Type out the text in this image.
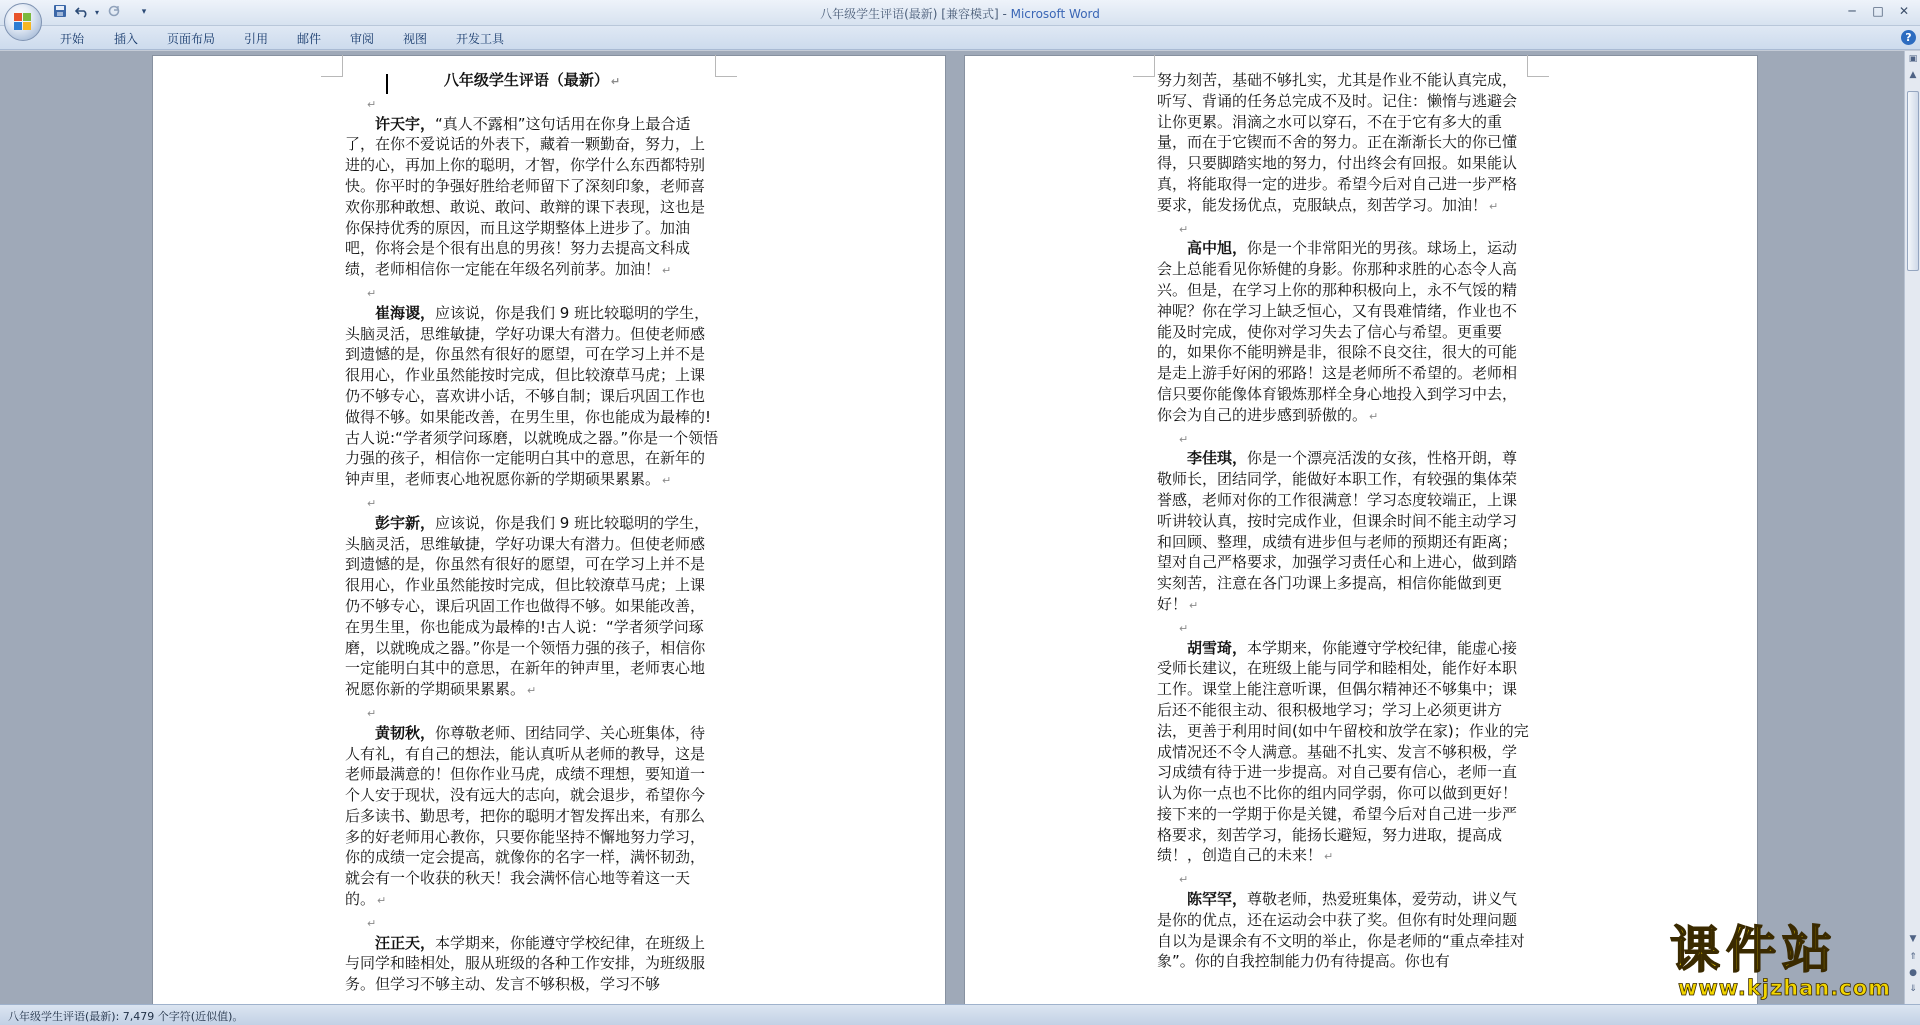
▾	▾	八年级学生评语(最新) [兼容模式] - Microsoft Word	─	□	✕
开始 插入 页面布局 引用 邮件 审阅 视图 开发工具	?

八年级学生评语（最新） ↵

↵

许天宇，“真人不露相”这句话用在你身上最合适了，在你不爱说话的外表下，藏着一颗勤奋，努力，上进的心，再加上你的聪明，才智，你学什么东西都特别快。你平时的争强好胜给老师留下了深刻印象，老师喜欢你那种敢想、敢说、敢问、敢辩的课下表现，这也是你保持优秀的原因，而且这学期整体上进步了。加油吧，你将会是个很有出息的男孩！努力去提高文科成绩，老师相信你一定能在年级名列前茅。加油！ ↵

↵

崔海谡，应该说，你是我们 9 班比较聪明的学生，头脑灵活，思维敏捷，学好功课大有潜力。但使老师感到遗憾的是，你虽然有很好的愿望，可在学习上并不是很用心，作业虽然能按时完成，但比较潦草马虎；上课仍不够专心，喜欢讲小话，不够自制；课后巩固工作也做得不够。如果能改善，在男生里，你也能成为最棒的!古人说:“学者须学问琢磨，以就晚成之器。”你是一个领悟力强的孩子，相信你一定能明白其中的意思，在新年的钟声里，老师衷心地祝愿你新的学期硕果累累。 ↵

↵

彭宇新，应该说，你是我们 9 班比较聪明的学生，头脑灵活，思维敏捷，学好功课大有潜力。但使老师感到遗憾的是，你虽然有很好的愿望，可在学习上并不是很用心，作业虽然能按时完成，但比较潦草马虎；上课仍不够专心，课后巩固工作也做得不够。如果能改善，在男生里，你也能成为最棒的!古人说：“学者须学问琢磨，以就晚成之器。”你是一个领悟力强的孩子，相信你一定能明白其中的意思，在新年的钟声里，老师衷心地祝愿你新的学期硕果累累。 ↵

↵

黄韧秋，你尊敬老师、团结同学、关心班集体，待人有礼，有自己的想法，能认真听从老师的教导，这是老师最满意的！但你作业马虎，成绩不理想，要知道一个人安于现状，没有远大的志向，就会退步，希望你今后多读书、勤思考，把你的聪明才智发挥出来，有那么多的好老师用心教你，只要你能坚持不懈地努力学习，你的成绩一定会提高，就像你的名字一样，满怀韧劲，就会有一个收获的秋天！我会满怀信心地等着这一天的。 ↵

↵

汪正天，本学期来，你能遵守学校纪律，在班级上与同学和睦相处，服从班级的各种工作安排，为班级服务。但学习不够主动、发言不够积极，学习不够

努力刻苦，基础不够扎实，尤其是作业不能认真完成，听写、背诵的任务总完成不及时。记住：懒惰与逃避会让你更累。涓滴之水可以穿石，不在于它有多大的重量，而在于它锲而不舍的努力。正在渐渐长大的你已懂得，只要脚踏实地的努力，付出终会有回报。如果能认真，将能取得一定的进步。希望今后对自己进一步严格要求，能发扬优点，克服缺点，刻苦学习。加油！ ↵

↵

高中旭，你是一个非常阳光的男孩。球场上，运动会上总能看见你矫健的身影。你那种求胜的心态令人高兴。但是，在学习上你的那种积极向上，永不气馁的精神呢？你在学习上缺乏恒心，又有畏难情绪，作业也不能及时完成，使你对学习失去了信心与希望。更重要的，如果你不能明辨是非，很除不良交往，很大的可能是走上游手好闲的邪路！这是老师所不希望的。老师相信只要你能像体育锻炼那样全身心地投入到学习中去，你会为自己的进步感到骄傲的。 ↵

↵

李佳琪，你是一个漂亮活泼的女孩，性格开朗，尊敬师长，团结同学，能做好本职工作，有较强的集体荣誉感，老师对你的工作很满意！学习态度较端正，上课听讲较认真，按时完成作业，但课余时间不能主动学习和回顾、整理，成绩有进步但与老师的预期还有距离；望对自己严格要求，加强学习责任心和上进心，做到踏实刻苦，注意在各门功课上多提高，相信你能做到更好！ ↵

↵

胡雪琦，本学期来，你能遵守学校纪律，能虚心接受师长建议，在班级上能与同学和睦相处，能作好本职工作。课堂上能注意听课，但偶尔精神还不够集中；课后还不能很主动、很积极地学习；学习上必须更讲方法，更善于利用时间(如中午留校和放学在家)；作业的完成情况还不令人满意。基础不扎实、发言不够积极，学习成绩有待于进一步提高。对自己要有信心，老师一直认为你一点也不比你的组内同学弱，你可以做到更好！接下来的一学期于你是关键，希望今后对自己进一步严格要求，刻苦学习，能扬长避短，努力进取，提高成绩！，创造自己的未来！ ↵

↵

陈罕罕，尊敬老师，热爱班集体，爱劳动，讲义气是你的优点，还在运动会中获了奖。但你有时处理问题自以为是课余有不文明的举止，你是老师的“重点牵挂对象”。你的自我控制能力仍有待提高。你也有

▣
▲
▼
⇑
●
⇓
八年级学生评语(最新): 7,479 个字符(近似值)。
课件站
www.kjzhan.com
